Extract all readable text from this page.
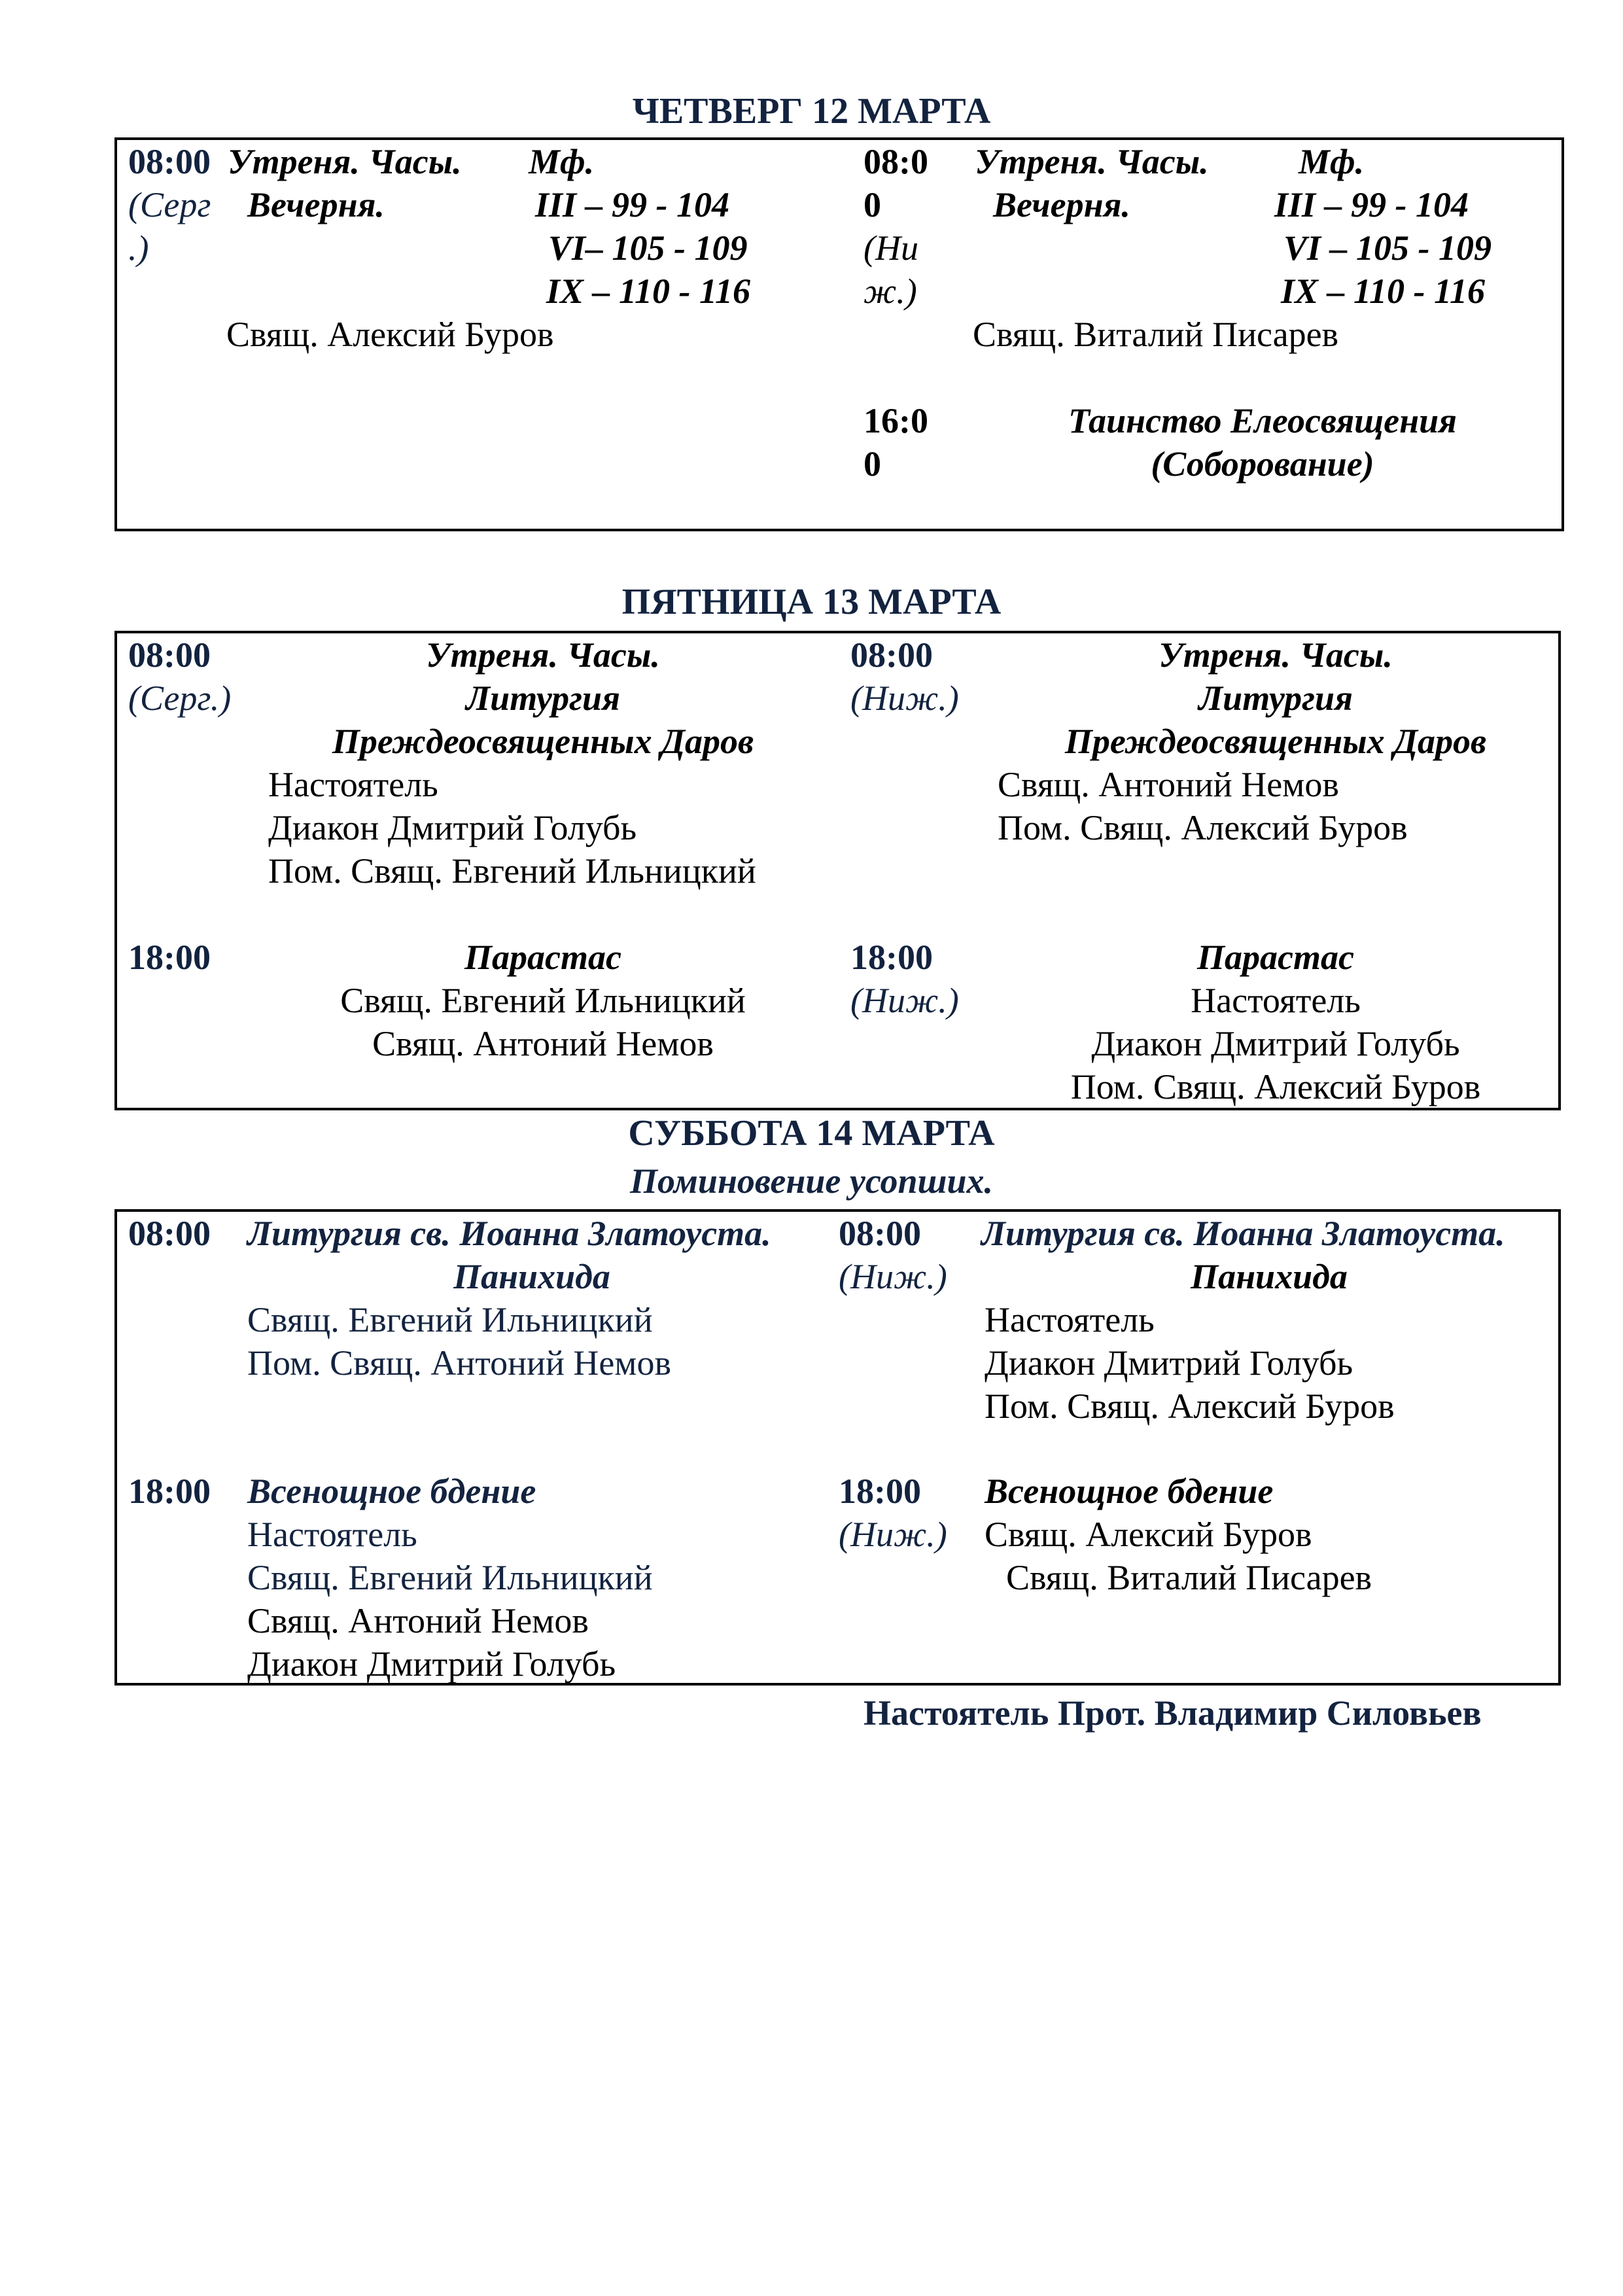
ЧЕТВЕРГ 12 МАРТА
08:00
(Серг
.)
Утреня. Часы.
Вечерня.
Мф.
III – 99 - 104
VI– 105 - 109
IX – 110 - 116
Свящ. Алексий Буров
08:0
0
(Ни
ж.)
Утреня. Часы.
Вечерня.
Мф.
III – 99 - 104
VI – 105 - 109
IX – 110 - 116
Свящ. Виталий Писарев
16:0
0
Таинство Елеосвящения
(Соборование)
ПЯТНИЦА 13 МАРТА
08:00
(Серг.)
Утреня. Часы.
Литургия
Преждеосвященных Даров
Настоятель
Диакон Дмитрий Голубь
Пом. Свящ. Евгений Ильницкий
08:00
(Ниж.)
Утреня. Часы.
Литургия
Преждеосвященных Даров
Свящ. Антоний Немов
Пом. Свящ. Алексий Буров
18:00	Парастас
Свящ. Евгений Ильницкий
Свящ. Антоний Немов
18:00
(Ниж.)
Парастас
Настоятель
Диакон Дмитрий Голубь
Пом. Свящ. Алексий Буров
СУББОТА 14 МАРТА
Поминовение усопших.
08:00 Литургия св. Иоанна Златоуста.
Панихида
Свящ. Евгений Ильницкий
Пом. Свящ. Антоний Немов
08:00
(Ниж.)
Литургия св. Иоанна Златоуста.
Панихида
Настоятель
Диакон Дмитрий Голубь
Пом. Свящ. Алексий Буров
18:00 Всенощное бдение
Настоятель
Свящ. Евгений Ильницкий
Свящ. Антоний Немов
Диакон Дмитрий Голубь
18:00
(Ниж.)
Всенощное бдение
Свящ. Алексий Буров
Свящ. Виталий Писарев
Настоятель Прот. Владимир Силовьев
